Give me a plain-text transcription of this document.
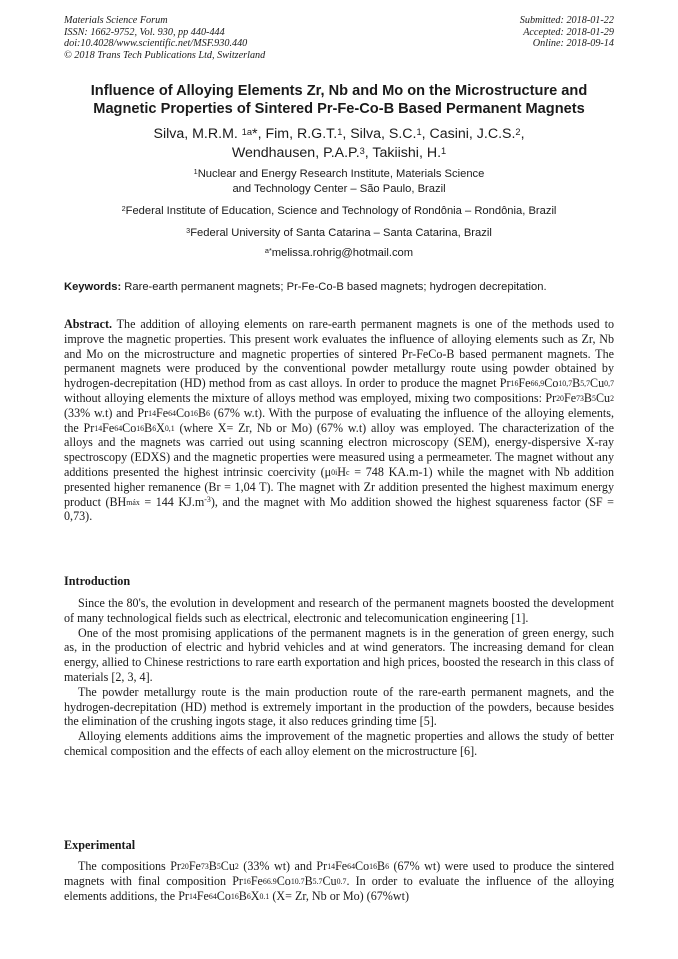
Materials Science Forum
ISSN: 1662-9752, Vol. 930, pp 440-444
doi:10.4028/www.scientific.net/MSF.930.440
© 2018 Trans Tech Publications Ltd, Switzerland
Submitted: 2018-01-22
Accepted: 2018-01-29
Online: 2018-09-14
Influence of Alloying Elements Zr, Nb and Mo on the Microstructure and
Magnetic Properties of Sintered Pr-Fe-Co-B Based Permanent Magnets
Silva, M.R.M. $^{1a}$*, Fim, R.G.T.$^1$, Silva, S.C.$^1$, Casini, J.C.S.$^2$,
Wendhausen, P.A.P.$^3$, Takiishi, H.$^1$
$^1$Nuclear and Energy Research Institute, Materials Science
and Technology Center – São Paulo, Brazil
$^2$Federal Institute of Education, Science and Technology of Rondônia – Rondônia, Brazil
$^3$Federal University of Santa Catarina – Santa Catarina, Brazil
$^{a*}$melissa.rohrig@hotmail.com
Keywords: Rare-earth permanent magnets; Pr-Fe-Co-B based magnets; hydrogen decrepitation.

Abstract. The addition of alloying elements on rare-earth permanent magnets is one of the methods used to improve the magnetic properties. This present work evaluates the influence of alloying elements such as Zr, Nb and Mo on the microstructure and magnetic properties of sintered Pr-FeCo-B based permanent magnets. The permanent magnets were produced by the conventional powder metallurgy route using powder obtained by hydrogen-decrepitation (HD) method from as cast alloys. In order to produce the magnet $Pr_{16}Fe_{66,9}Co_{10,7}B_{5,7}Cu_{0,7}$ without alloying elements the mixture of alloys method was employed, mixing two compositions: $Pr_{20}Fe_{73}B_5Cu_2$ (33% w.t) and $Pr_{14}Fe_{64}Co_{16}B_6$ (67% w.t). With the purpose of evaluating the influence of the alloying elements, the $Pr_{14}Fe_{64}Co_{16}B_6X_{0,1}$ (where X= Zr, Nb or Mo) (67% w.t) alloy was employed. The characterization of the alloys and the magnets was carried out using scanning electron microscopy (SEM), energy-dispersive X-ray spectroscopy (EDXS) and the magnetic properties were measured using a permeameter. The magnet without any additions presented the highest intrinsic coercivity ($\mu_{0i}H_c = 748$ KA.m-1) while the magnet with Nb addition presented higher remanence (Br = 1,04 T). The magnet with Zr addition presented the highest maximum energy product ($BH_{máx} = 144$ $KJ.m^{-3}$), and the magnet with Mo addition showed the highest squareness factor (SF = 0,73).

Introduction

Since the 80's, the evolution in development and research of the permanent magnets boosted the development of many technological fields such as electrical, electronic and telecomunication engineering [1].

One of the most promising applications of the permanent magnets is in the generation of green energy, such as, in the production of electric and hybrid vehicles and at wind generators. The increasing demand for clean energy, allied to Chinese restrictions to rare earth exportation and high prices, boosted the research in this class of materials [2, 3, 4].

The powder metallurgy route is the main production route of the rare-earth permanent magnets, and the hydrogen-decrepitation (HD) method is extremely important in the production of the powders, because besides the elimination of the crushing ingots stage, it also reduces grinding time [5].

Alloying elements additions aims the improvement of the magnetic properties and allows the study of better chemical composition and the effects of each alloy element on the microstructure [6].

Experimental

The compositions $Pr_{20}Fe_{73}B_5Cu_2$ (33% wt) and $Pr_{14}Fe_{64}Co_{16}B_6$ (67% wt) were used to produce the sintered magnets with final composition $Pr_{16}Fe_{66.9}Co_{10.7}B_{5.7}Cu_{0.7}$. In order to evaluate the influence of the alloying elements additions, the $Pr_{14}Fe_{64}Co_{16}B_6X_{0.1}$ (X= Zr, Nb or Mo) (67%wt)
